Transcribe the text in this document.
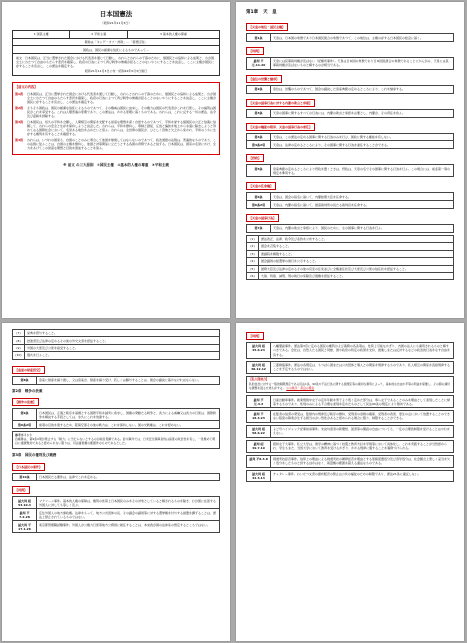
日本国憲法
（昭和21年11月3日）
1 国民主権	2 平和主義	3 基本的人権の尊重
敬称は「キング・オブ・詐欺」…「善悪区別」
国政は、国民の厳粛な信託によるものであって…
前文　日本国民は、正当に選挙された国会における代表者を通じて行動し、われらとわれらの子孫のために、諸国民との協和による成果と、わが国全土にわたつて自由のもたらす恵沢を確保し、政府の行為によつて再び戦争の惨禍が起ることのないやうにすることを決意し、ここに主権が国民に存することを宣言し、この憲法を確定する。
昭和21年11月3日公布・昭和22年5月3日施行
【前文の内容】
第1段	日本国民は、正当に選挙された国会における代表者を通じて行動し、われらとわれらの子孫のために、諸国民との協和による成果と、わが国全土にわたつて自由のもたらす恵沢を確保し、政府の行為によつて再び戦争の惨禍が起ることのないやうにすることを決意し、ここに主権が国民に存することを宣言し、この憲法を確定する。
第2段	そもそも国政は、国民の厳粛な信託によるものであつて、その権威は国民に由来し、その権力は国民の代表者がこれを行使し、その福利は国民がこれを享受する。これは人類普遍の原理であり、この憲法は、かかる原理に基くものである。われらは、これに反する一切の憲法、法令及び詔勅を排除する。
第3段	日本国民は、恒久の平和を念願し、人間相互の関係を支配する崇高な理想を深く自覚するのであつて、平和を愛する諸国民の公正と信義に信頼して、われらの安全と生存を保持しようと決意した。われらは、平和を維持し、専制と隷従、圧迫と偏狭を地上から永遠に除去しようと努めてゐる国際社会において、名誉ある地位を占めたいと思ふ。われらは、全世界の国民が、ひとしく恐怖と欠乏から免かれ、平和のうちに生存する権利を有することを確認する。
第4段	われらは、いづれの国家も、自国のことのみに専念して他国を無視してはならないのであつて、政治道徳の法則は、普遍的なものであり、この法則に従ふことは、自国の主権を維持し、他国と対等関係に立たうとする各国の責務であると信ずる。日本国民は、国家の名誉にかけ、全力をあげてこの崇高な理想と目的を達成することを誓ふ。
※ 前文 の三大原則　①国民主権　②基本的人権の尊重　③平和主義
第1章 天　皇
【天皇の地位・国民主権】
第1条	天皇は、日本国の象徴であり日本国民統合の象徴であつて、この地位は、主権の存する日本国民の総意に基く。
【判例】
最判 平元.11.20	天皇には民事裁判権が及ばない（記帳所事件）。天皇は日本国の象徴であり日本国民統合の象徴であることにかんがみ、天皇には民事裁判権が及ばないものと解するのが相当である。
【皇位の世襲と継承】
第2条	皇位は、世襲のものであつて、国会の議決した皇室典範の定めるところにより、これを継承する。
【天皇の国事行為に対する内閣の助言と承認】
第3条	天皇の国事に関するすべての行為には、内閣の助言と承認を必要とし、内閣が、その責任を負ふ。
【天皇の権能の限界、天皇の国事行為の委任】
第4条	天皇は、この憲法の定める国事に関する行為のみを行ひ、国政に関する権能を有しない。
第4条2項	天皇は、法律の定めるところにより、その国事に関する行為を委任することができる。
【摂政】
第5条	皇室典範の定めるところにより摂政を置くときは、摂政は、天皇の名でその国事に関する行為を行ふ。この場合には、前条第一項の規定を準用する。
【天皇の任命権】
第6条	天皇は、国会の指名に基いて、内閣総理大臣を任命する。
第6条2項	天皇は、内閣の指名に基いて、最高裁判所の長たる裁判官を任命する。
【天皇の国事行為】
第7条	天皇は、内閣の助言と承認により、国民のために、左の国事に関する行為を行ふ。
(1)	憲法改正、法律、政令及び条約を公布すること。
(2)	国会を召集すること。
(3)	衆議院を解散すること。
(4)	国会議員の総選挙の施行を公示すること。
(5)	国務大臣及び法律の定めるその他の官吏の任免並びに全権委任状及び大使及び公使の信任状を認証すること。
(6)	大赦、特赦、減刑、刑の執行の免除及び復権を認証すること。
(7)	栄典を授与すること。
(8)	批准書及び法律の定めるその他の外交文書を認証すること。
(9)	外国の大使及び公使を接受すること。
(10)	儀式を行ふこと。
【皇室の財産授受】
第8条	皇室に財産を譲り渡し、又は皇室が、財産を譲り受け、若しくは賜与することは、国会の議決に基かなければならない。
第2章　戦争の放棄
【戦争の放棄】
第9条	日本国民は、正義と秩序を基調とする国際平和を誠実に希求し、国権の発動たる戦争と、武力による威嚇又は武力の行使は、国際紛争を解決する手段としては、永久にこれを放棄する。
第9条2項	前項の目的を達するため、陸海空軍その他の戦力は、これを保持しない。国の交戦権は、これを認めない。
参考ポイント
自衛隊は、第9条2項が禁止する「戦力」に当たらないとするのが政府見解である。砂川事件では、日米安全保障条約は高度の政治性を有し、一見極めて明白に違憲無効であると認められない限りは、司法審査権の範囲外のものであるとした。
第3章　国民の権利及び義務
【日本国民の要件】
第10条	日本国民たる要件は、法律でこれを定める。
【判例】
最大判 昭53.10.4	マクリーン事件。基本的人権の保障は、権利の性質上日本国民のみをその対象としていると解されるものを除き、わが国に在留する外国人に対しても等しく及ぶ。
最判 平7.2.28	定住外国人の地方参政権。法律をもって、地方公共団体の長、その議会の議員等に対する選挙権を付与する措置を講ずることは、憲法上禁止されているものではない。
最大判 平17.1.26	東京都管理職試験事件。外国人が公権力行使等地方公務員に就任することは、本来我が国の法体系の想定するところではない。
【判例】
最大判 昭45.6.24	八幡製鉄事件。憲法第3章に定める国民の権利および義務の各条項は、性質上可能なかぎり、内国の法人にも適用されるものと解すべきである。会社は、自然人たる国民と同様、国や政党の特定の政策を支持、推進しまたは反対するなどの政治的行為をなす自由を有する。
最大判 昭48.12.12	三菱樹脂事件。憲法の各規定は、もつぱら国または公共団体と個人との関係を規律するものであり、私人相互の関係を直接規律することを予定するものではない。
【私人間効力】
私的自治に対する一般的制限規定である民法1条、90条や不法行為に関する諸規定等の適切な運用によって、基本的な自由や平等の利益を保護し、その間の適切な調整を図る方途も存する。 公の秩序・善良の風俗
最判 平元.3.2	日産自動車事件。就業規則中女子の定年年齢を男子より低く定めた部分は、専ら女子であることのみを理由として差別したことに帰着するものであり、性別のみによる不合理な差別を定めたものとして民法90条の規定により無効である。
最判 平18.3.23	在監者の信書の発受は、監獄内の規律及び秩序の維持、受刑者の身柄の確保、受刑者の改善、更生の点において放置することのできない程度の障害が生ずる相当のがい然性があると認められる場合に限り、制限することができる。
最大判 昭58.6.22	よど号ハイジャック記事抹消事件。未決勾留者の新聞紙、図書等の閲読の自由についても、一定の合理的制限を受けることはやむをえない。
最判 昭49.7.19	昭和女子大事件。私立大学は、建学の精神に基づく校風と教育方針を学則等において具体化し、これを実践することが当然認められ、学生もまた、当該大学において教育を受けるかぎり、かかる規律に服することを義務づけられる。
最判 平8.3.8	剣道実技拒否事件。信仰上の理由による剣道実技の履修拒否を理由とする原級留置処分及び退学処分は、社会観念上著しく妥当を欠く処分をしたものと評するほかはなく、裁量権の範囲を超える違法なものである。
最大判 昭32.3.13	チャタレー事件。わいせつ文書の頒布販売の禁止は公共の福祉のための制限であり、憲法21条に違反しない。
